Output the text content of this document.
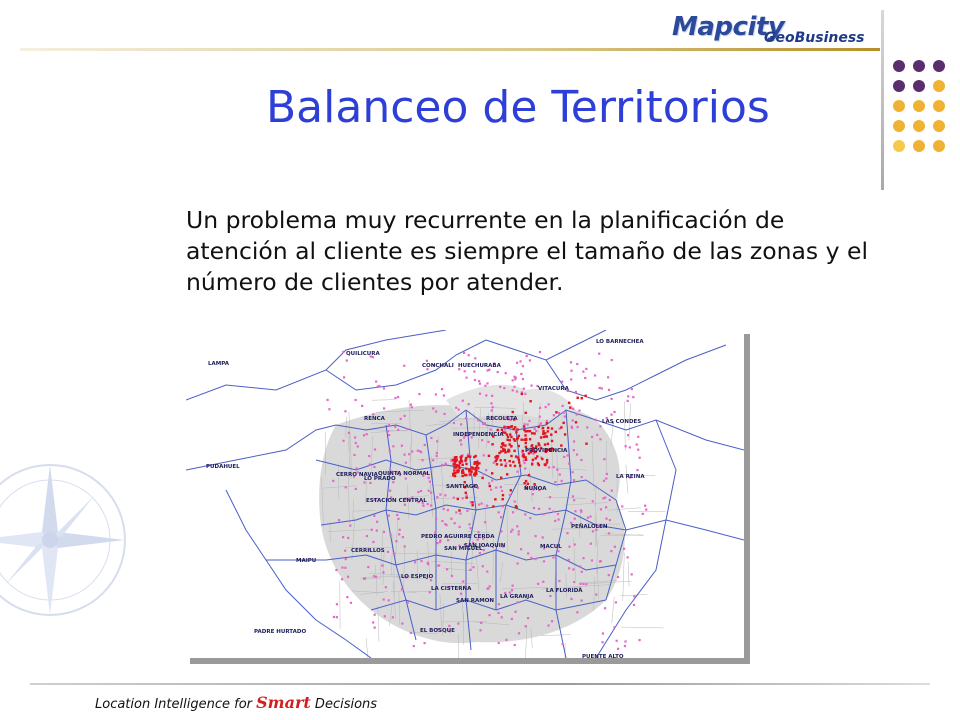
Mapcity
GeoBusiness
Balanceo de Territorios
Un problema muy recurrente en la planificación de atención al cliente es siempre el tamaño de las zonas y el número de clientes por atender.
LAMPA
QUILICURA
HUECHURABA
LO BARNECHEA
CONCHALI
VITACURA
RECOLETA	LAS CONDES
RENCA
INDEPENDENCIA
PUDAHUEL
CERRO NAVIA QUINTA NORMAL
PROVIDENCIA
LO PRADO
SANTIAGO	ÑUÑOA
LA REINA
ESTACION CENTRAL
PEÑALOLEN
MACUL
PEDRO AGUIRRE CERDA
SAN JOAQUIN
SAN MIGUEL
CERRILLOS
MAIPU
LO ESPEJO
LA CISTERNA	LA FLORIDA
LA GRANJA
SAN RAMON
PADRE HURTADO	EL BOSQUE
PUENTE ALTO
Location Intelligence for Smart Decisions
